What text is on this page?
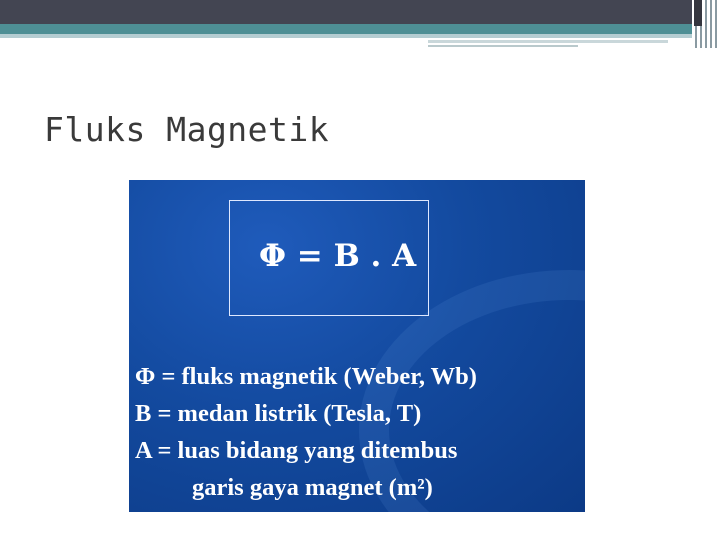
Fluks Magnetik
Φ = B . A
Φ = fluks magnetik (Weber, Wb)
B = medan listrik (Tesla, T)
A = luas bidang yang ditembus
garis gaya magnet (m²)
